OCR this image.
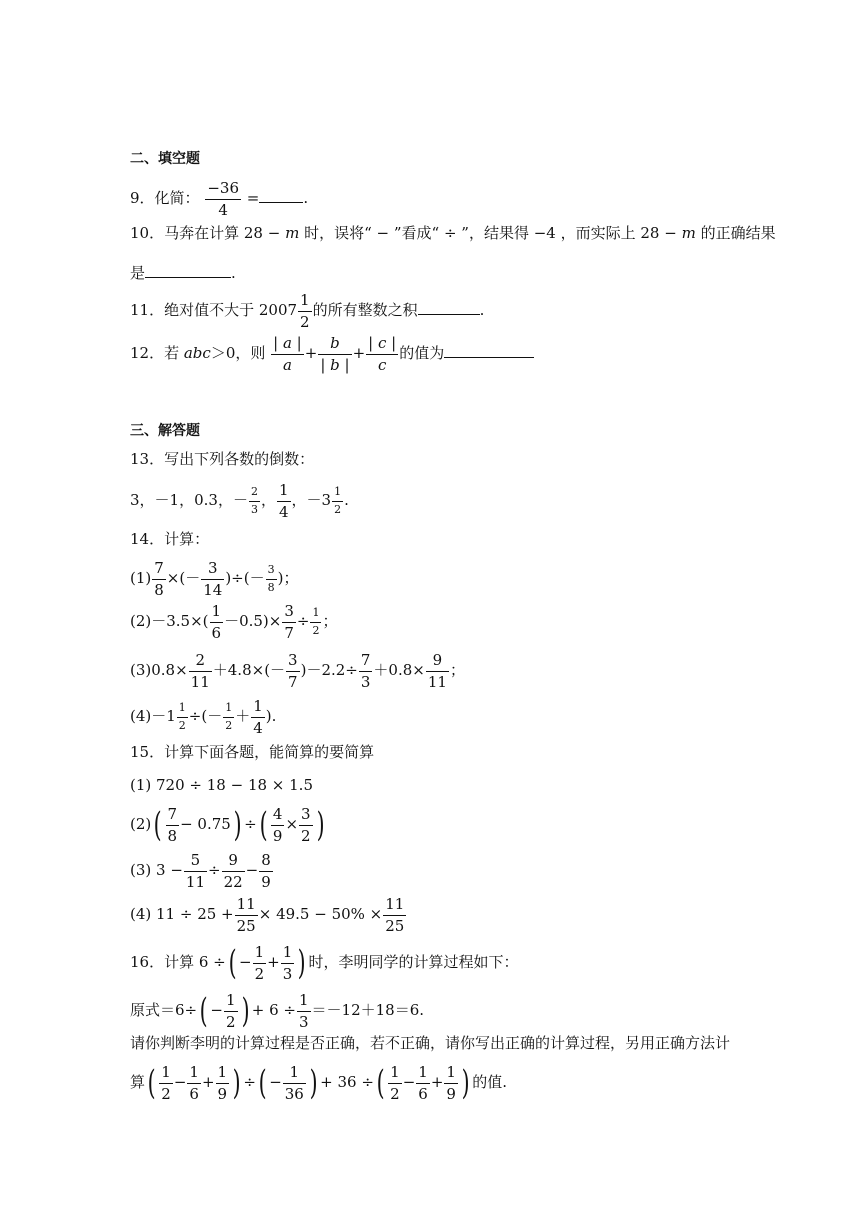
二、填空题
9．化简： $\frac{-36}{4}$ =	.
10．马奔在计算 28 − m 时，误将“ − ”看成“ ÷ ”，结果得 −4 ，而实际上 28 − m 的正确结果
是	.
11．绝对值不大于 $2007 \frac{1}{2}$ 的所有整数之积	.
12．若 abc＞0，则 $\frac{| a |}{a} + \frac{b}{| b |} + \frac{| c |}{c}$ 的值为
三、解答题
13．写出下列各数的倒数：
3，－1，0.3，－ $\frac{2}{3}$ ， $\frac{1}{4}$ ，$-3 \frac{1}{2}$ .
14．计算：
$(1) \frac{7}{8}$ ×(－ $\frac{3}{14}$ )÷(－ $\frac{3}{8}$ )；
$(2)-3.5\times( \frac{1}{6} -0.5)\times \frac{3}{7} \div \frac{1}{2}$ ；
$(3)0.8\times \frac{2}{11} +4.8\times(- \frac{3}{7} )-2.2\div \frac{7}{3} +0.8\times \frac{9}{11}$ ；
$(4)-1 \frac{1}{2}$ ÷(－ $\frac{1}{2} + \frac{1}{4}$ ).
15．计算下面各题，能简算的要简算
(1) 720 ÷ 18 − 18 × 1.5
$(2)( \frac{7}{8} - 0.75)$ ÷( $\frac{4}{9} \times \frac{3}{2}$ )
(3) $3 - \frac{5}{11} \div \frac{9}{22} - \frac{8}{9}$
(4) $11 \div 25 + \frac{11}{25} \times 49.5 - 50\% \times \frac{11}{25}$
16．计算 6 ÷( − $\frac{1}{2} + \frac{1}{3}$ ) 时，李明同学的计算过程如下：
原式$=6\div( - \frac{1}{2}$ ) + $6 \div \frac{1}{3} =-12+18=6$.
请你判断李明的计算过程是否正确，若不正确，请你写出正确的计算过程，另用正确方法计
算( $\frac{1}{2} - \frac{1}{6} + \frac{1}{9}$ ) ÷( − $\frac{1}{36}$ ) + 36 ÷( $\frac{1}{2} - \frac{1}{6} + \frac{1}{9}$ ) 的值.
